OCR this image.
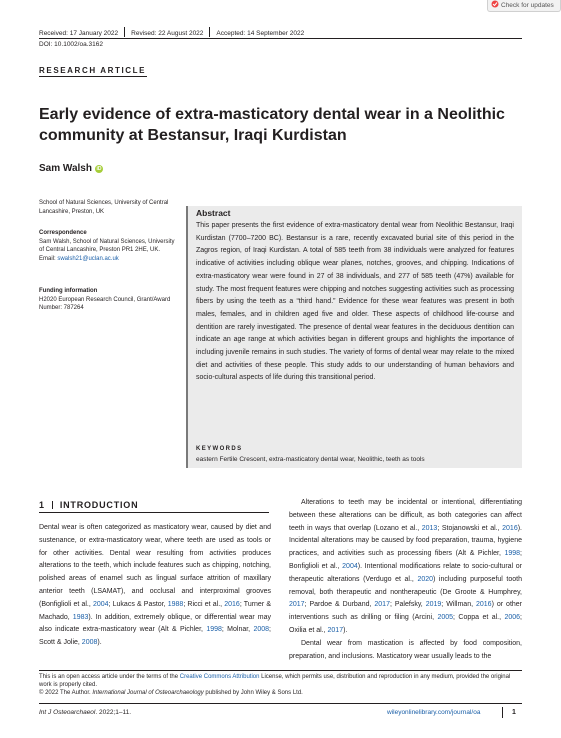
Check for updates
Received: 17 January 2022 Revised: 22 August 2022 Accepted: 14 September 2022
DOI: 10.1002/oa.3162
RESEARCH ARTICLE
Early evidence of extra-masticatory dental wear in a Neolithic community at Bestansur, Iraqi Kurdistan
Sam Walsh iD
School of Natural Sciences, University of Central Lancashire, Preston, UK
Correspondence
Sam Walsh, School of Natural Sciences, University of Central Lancashire, Preston PR1 2HE, UK.
Email: swalsh21@uclan.ac.uk
Funding information
H2020 European Research Council, Grant/Award Number: 787264
Abstract
This paper presents the first evidence of extra-masticatory dental wear from Neolithic Bestansur, Iraqi Kurdistan (7700–7200 BC). Bestansur is a rare, recently excavated burial site of this period in the Zagros region, of Iraqi Kurdistan. A total of 585 teeth from 38 individuals were analyzed for features indicative of activities including oblique wear planes, notches, grooves, and chipping. Indications of extra-masticatory wear were found in 27 of 38 individuals, and 277 of 585 teeth (47%) available for study. The most frequent features were chipping and notches suggesting activities such as processing fibers by using the teeth as a “third hand.” Evidence for these wear features was present in both males, females, and in children aged five and older. These aspects of childhood life-course and dentition are rarely investigated. The presence of dental wear features in the deciduous dentition can indicate an age range at which activities began in different groups and highlights the importance of including juvenile remains in such studies. The variety of forms of dental wear may relate to the mixed diet and activities of these people. This study adds to our understanding of human behaviors and socio-cultural aspects of life during this transitional period.
KEYWORDS
eastern Fertile Crescent, extra-masticatory dental wear, Neolithic, teeth as tools
1 INTRODUCTION

Dental wear is often categorized as masticatory wear, caused by diet and sustenance, or extra-masticatory wear, where teeth are used as tools or for other activities. Dental wear resulting from activities produces alterations to the teeth, which include features such as chipping, notching, polished areas of enamel such as lingual surface attrition of maxillary anterior teeth (LSAMAT), and occlusal and interproximal grooves (Bonfiglioli et al., 2004; Lukacs & Pastor, 1988; Ricci et al., 2016; Turner & Machado, 1983). In addition, extremely oblique, or differential wear may also indicate extra-masticatory wear (Alt & Pichler, 1998; Molnar, 2008; Scott & Jolie, 2008).

Alterations to teeth may be incidental or intentional, differentiating between these alterations can be difficult, as both categories can affect teeth in ways that overlap (Lozano et al., 2013; Stojanowski et al., 2016). Incidental alterations may be caused by food preparation, trauma, hygiene practices, and activities such as processing fibers (Alt & Pichler, 1998; Bonfiglioli et al., 2004). Intentional modifications relate to socio-cultural or therapeutic alterations (Verdugo et al., 2020) including purposeful tooth removal, both therapeutic and nontherapeutic (De Groote & Humphrey, 2017; Pardoe & Durband, 2017; Palefsky, 2019; Willman, 2016) or other interventions such as drilling or filing (Arcini, 2005; Coppa et al., 2006; Oxilia et al., 2017).

Dental wear from mastication is affected by food composition, preparation, and inclusions. Masticatory wear usually leads to the

This is an open access article under the terms of the Creative Commons Attribution License, which permits use, distribution and reproduction in any medium, provided the original work is properly cited.
© 2022 The Author. International Journal of Osteoarchaeology published by John Wiley & Sons Ltd.
Int J Osteoarchaeol. 2022;1–11.	wileyonlinelibrary.com/journal/oa	1
